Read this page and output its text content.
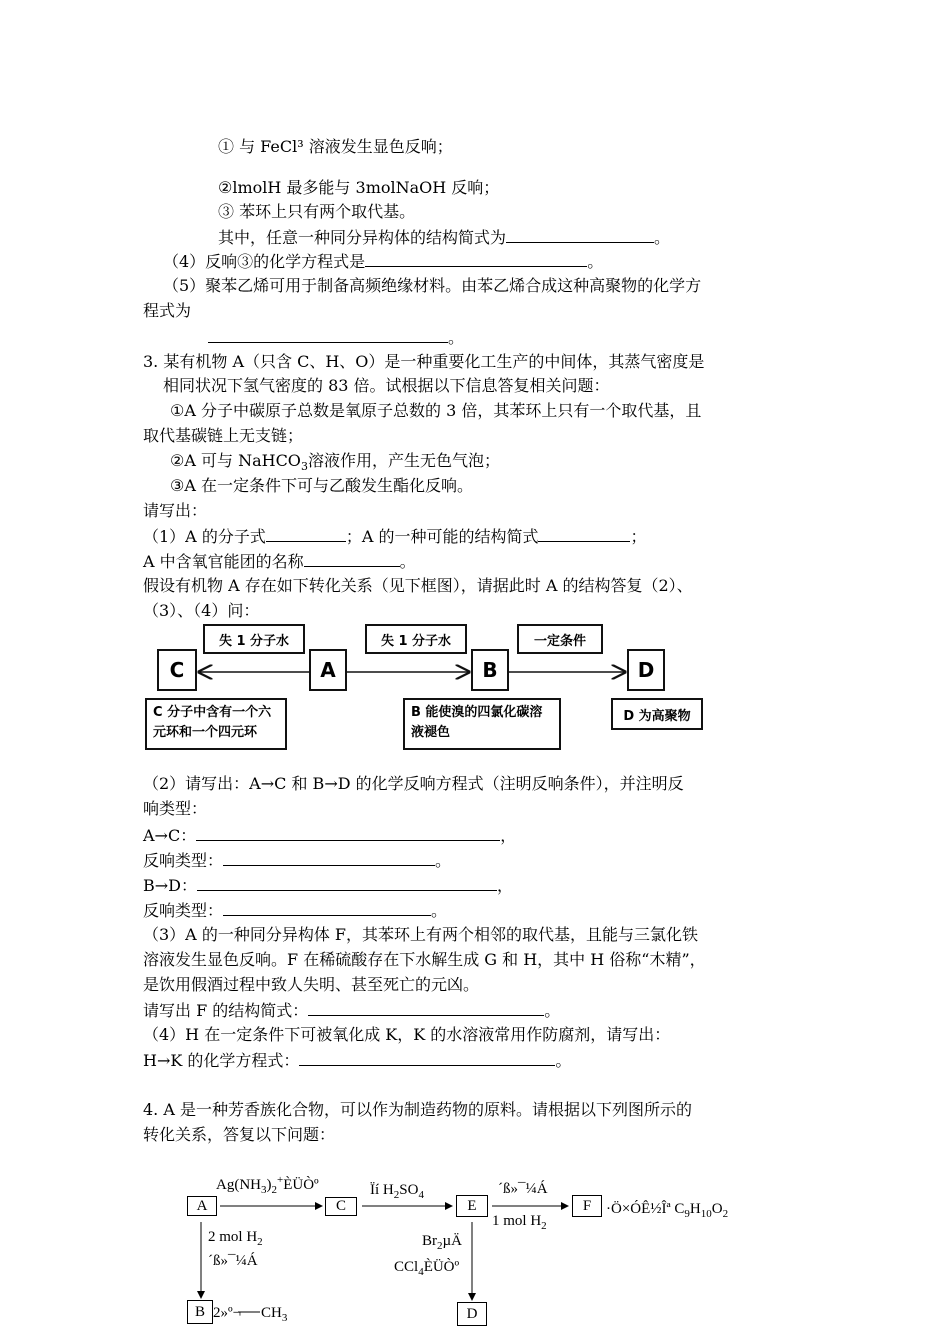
① 与 FeCl³ 溶液发生显色反响；
②lmolH 最多能与 3molNaOH 反响；
③ 苯环上只有两个取代基。
其中，任意一种同分异构体的结构简式为	。
（4）反响③的化学方程式是	。
（5）聚苯乙烯可用于制备高频绝缘材料。由苯乙烯合成这种高聚物的化学方
程式为
。
3. 某有机物 A（只含 C、H、O）是一种重要化工生产的中间体，其蒸气密度是
相同状况下氢气密度的 83 倍。试根据以下信息答复相关问题：
①A 分子中碳原子总数是氧原子总数的 3 倍，其苯环上只有一个取代基，且
取代基碳链上无支链；
②A 可与 NaHCO$_3$溶液作用，产生无色气泡；
③A 在一定条件下可与乙酸发生酯化反响。
请写出：
（1）A 的分子式	；A 的一种可能的结构简式	；
A 中含氧官能团的名称	。
假设有机物 A 存在如下转化关系（见下框图），请据此时 A 的结构答复（2）、
（3）、（4）问：
C	A	B	D
失 1 分子水	失 1 分子水	一定条件
C 分子中含有一个六
元环和一个四元环
B 能使溴的四氯化碳溶
液褪色
D 为高聚物
（2）请写出：A→C 和 B→D 的化学反响方程式（注明反响条件），并注明反
响类型：
A→C：	，
反响类型：	。
B→D：	，
反响类型：	。
（3）A 的一种同分异构体 F，其苯环上有两个相邻的取代基，且能与三氯化铁
溶液发生显色反响。F 在稀硫酸存在下水解生成 G 和 H，其中 H 俗称“木精”，
是饮用假酒过程中致人失明、甚至死亡的元凶。
请写出 F 的结构简式：	。
（4）H 在一定条件下可被氧化成 K，K 的水溶液常用作防腐剂，请写出：
H→K 的化学方程式：	。
4. A 是一种芳香族化合物，可以作为制造药物的原料。请根据以下列图所示的
转化关系，答复以下问题：
A	C	E	F
B	D
$Ag(NH_3)_2^+ÈÜÒº$	Ïí $H_2SO_4$	´ß»¯¼Á
1 mol $H_2$
·Ö×ÓÊ½Îª $C_9H_{10}O_2$
2 mol $H_2$
´ß»¯¼Á
$Br_2\mu Ä$
CCl$_4$ÈÜÒº
2»º¬ $CH_3$
